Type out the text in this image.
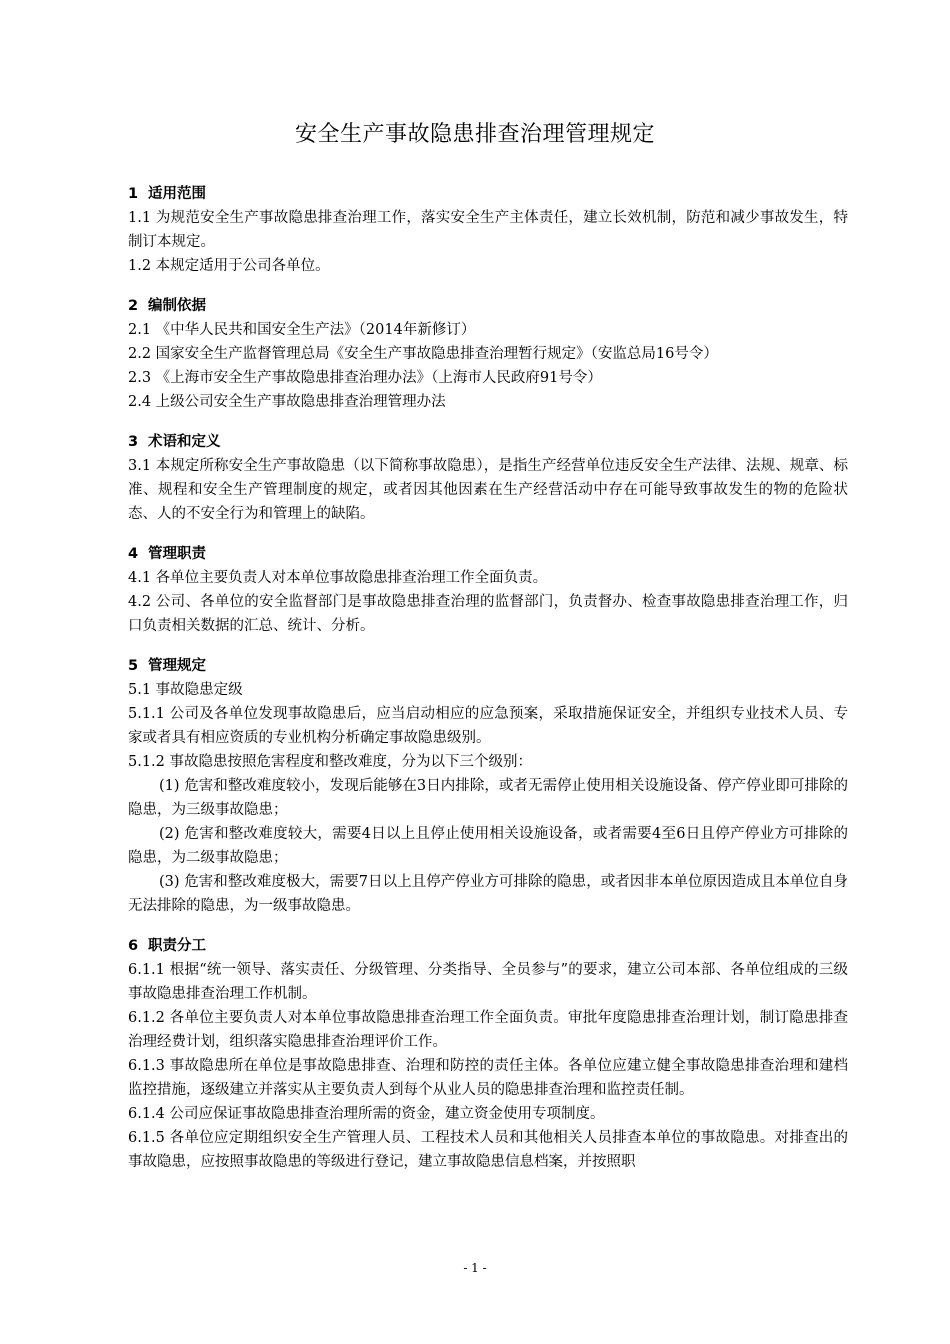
安全生产事故隐患排查治理管理规定
1 适用范围

1.1 为规范安全生产事故隐患排查治理工作，落实安全生产主体责任，建立长效机制，防范和减少事故发生，特制订本规定。

1.2 本规定适用于公司各单位。

2 编制依据

2.1 《中华人民共和国安全生产法》（2014年新修订）

2.2 国家安全生产监督管理总局《安全生产事故隐患排查治理暂行规定》（安监总局16号令）

2.3 《上海市安全生产事故隐患排查治理办法》（上海市人民政府91号令）

2.4 上级公司安全生产事故隐患排查治理管理办法

3 术语和定义

3.1 本规定所称安全生产事故隐患（以下简称事故隐患），是指生产经营单位违反安全生产法律、法规、规章、标准、规程和安全生产管理制度的规定，或者因其他因素在生产经营活动中存在可能导致事故发生的物的危险状态、人的不安全行为和管理上的缺陷。

4 管理职责

4.1 各单位主要负责人对本单位事故隐患排查治理工作全面负责。

4.2 公司、各单位的安全监督部门是事故隐患排查治理的监督部门，负责督办、检查事故隐患排查治理工作，归口负责相关数据的汇总、统计、分析。

5 管理规定

5.1 事故隐患定级

5.1.1 公司及各单位发现事故隐患后，应当启动相应的应急预案，采取措施保证安全，并组织专业技术人员、专家或者具有相应资质的专业机构分析确定事故隐患级别。

5.1.2 事故隐患按照危害程度和整改难度，分为以下三个级别：

(1) 危害和整改难度较小，发现后能够在3日内排除，或者无需停止使用相关设施设备、停产停业即可排除的隐患，为三级事故隐患；

(2) 危害和整改难度较大，需要4日以上且停止使用相关设施设备，或者需要4至6日且停产停业方可排除的隐患，为二级事故隐患；

(3) 危害和整改难度极大，需要7日以上且停产停业方可排除的隐患，或者因非本单位原因造成且本单位自身无法排除的隐患，为一级事故隐患。

6 职责分工

6.1.1 根据“统一领导、落实责任、分级管理、分类指导、全员参与”的要求，建立公司本部、各单位组成的三级事故隐患排查治理工作机制。

6.1.2 各单位主要负责人对本单位事故隐患排查治理工作全面负责。审批年度隐患排查治理计划，制订隐患排查治理经费计划，组织落实隐患排查治理评价工作。

6.1.3 事故隐患所在单位是事故隐患排查、治理和防控的责任主体。各单位应建立健全事故隐患排查治理和建档监控措施，逐级建立并落实从主要负责人到每个从业人员的隐患排查治理和监控责任制。

6.1.4 公司应保证事故隐患排查治理所需的资金，建立资金使用专项制度。

6.1.5 各单位应定期组织安全生产管理人员、工程技术人员和其他相关人员排查本单位的事故隐患。对排查出的事故隐患，应按照事故隐患的等级进行登记，建立事故隐患信息档案，并按照职

- 1 -
